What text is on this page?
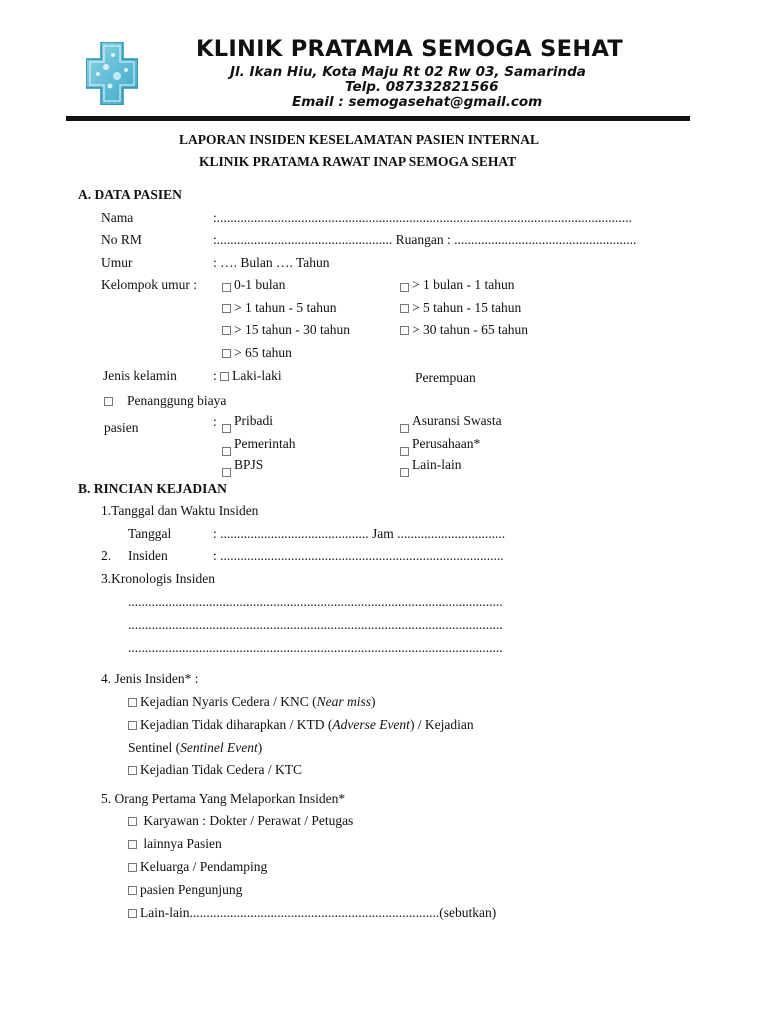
KLINIK PRATAMA SEMOGA SEHAT
Jl. Ikan Hiu, Kota Maju Rt 02 Rw 03, Samarinda
Telp. 087332821566
Email : semogasehat@gmail.com
LAPORAN INSIDEN KESELAMATAN PASIEN INTERNAL
KLINIK PRATAMA RAWAT INAP SEMOGA SEHAT
A. DATA PASIEN
Nama	:...........................................................................................................................
No RM	:.................................................... Ruangan : ......................................................
Umur	: …. Bulan …. Tahun
Kelompok umur :	0-1 bulan	> 1 bulan - 1 tahun
> 1 tahun - 5 tahun	> 5 tahun - 15 tahun
> 15 tahun - 30 tahun	> 30 tahun - 65 tahun
> 65 tahun
Jenis kelamin	: Laki-laki	Perempuan
Penanggung biaya
pasien	:	Pribadi	Asuransi Swasta
Pemerintah	Perusahaan*
BPJS	Lain-lain
B. RINCIAN KEJADIAN
1.Tanggal dan Waktu Insiden
Tanggal	: ............................................ Jam ................................
2. Insiden	: ....................................................................................
3.Kronologis Insiden
...............................................................................................................
...............................................................................................................
...............................................................................................................
4. Jenis Insiden* :
Kejadian Nyaris Cedera / KNC (Near miss)
Kejadian Tidak diharapkan / KTD (Adverse Event) / Kejadian
Sentinel (Sentinel Event)
Kejadian Tidak Cedera / KTC
5. Orang Pertama Yang Melaporkan Insiden*
Karyawan : Dokter / Perawat / Petugas
lainnya Pasien
Keluarga / Pendamping
pasien Pengunjung
Lain-lain..........................................................................(sebutkan)
